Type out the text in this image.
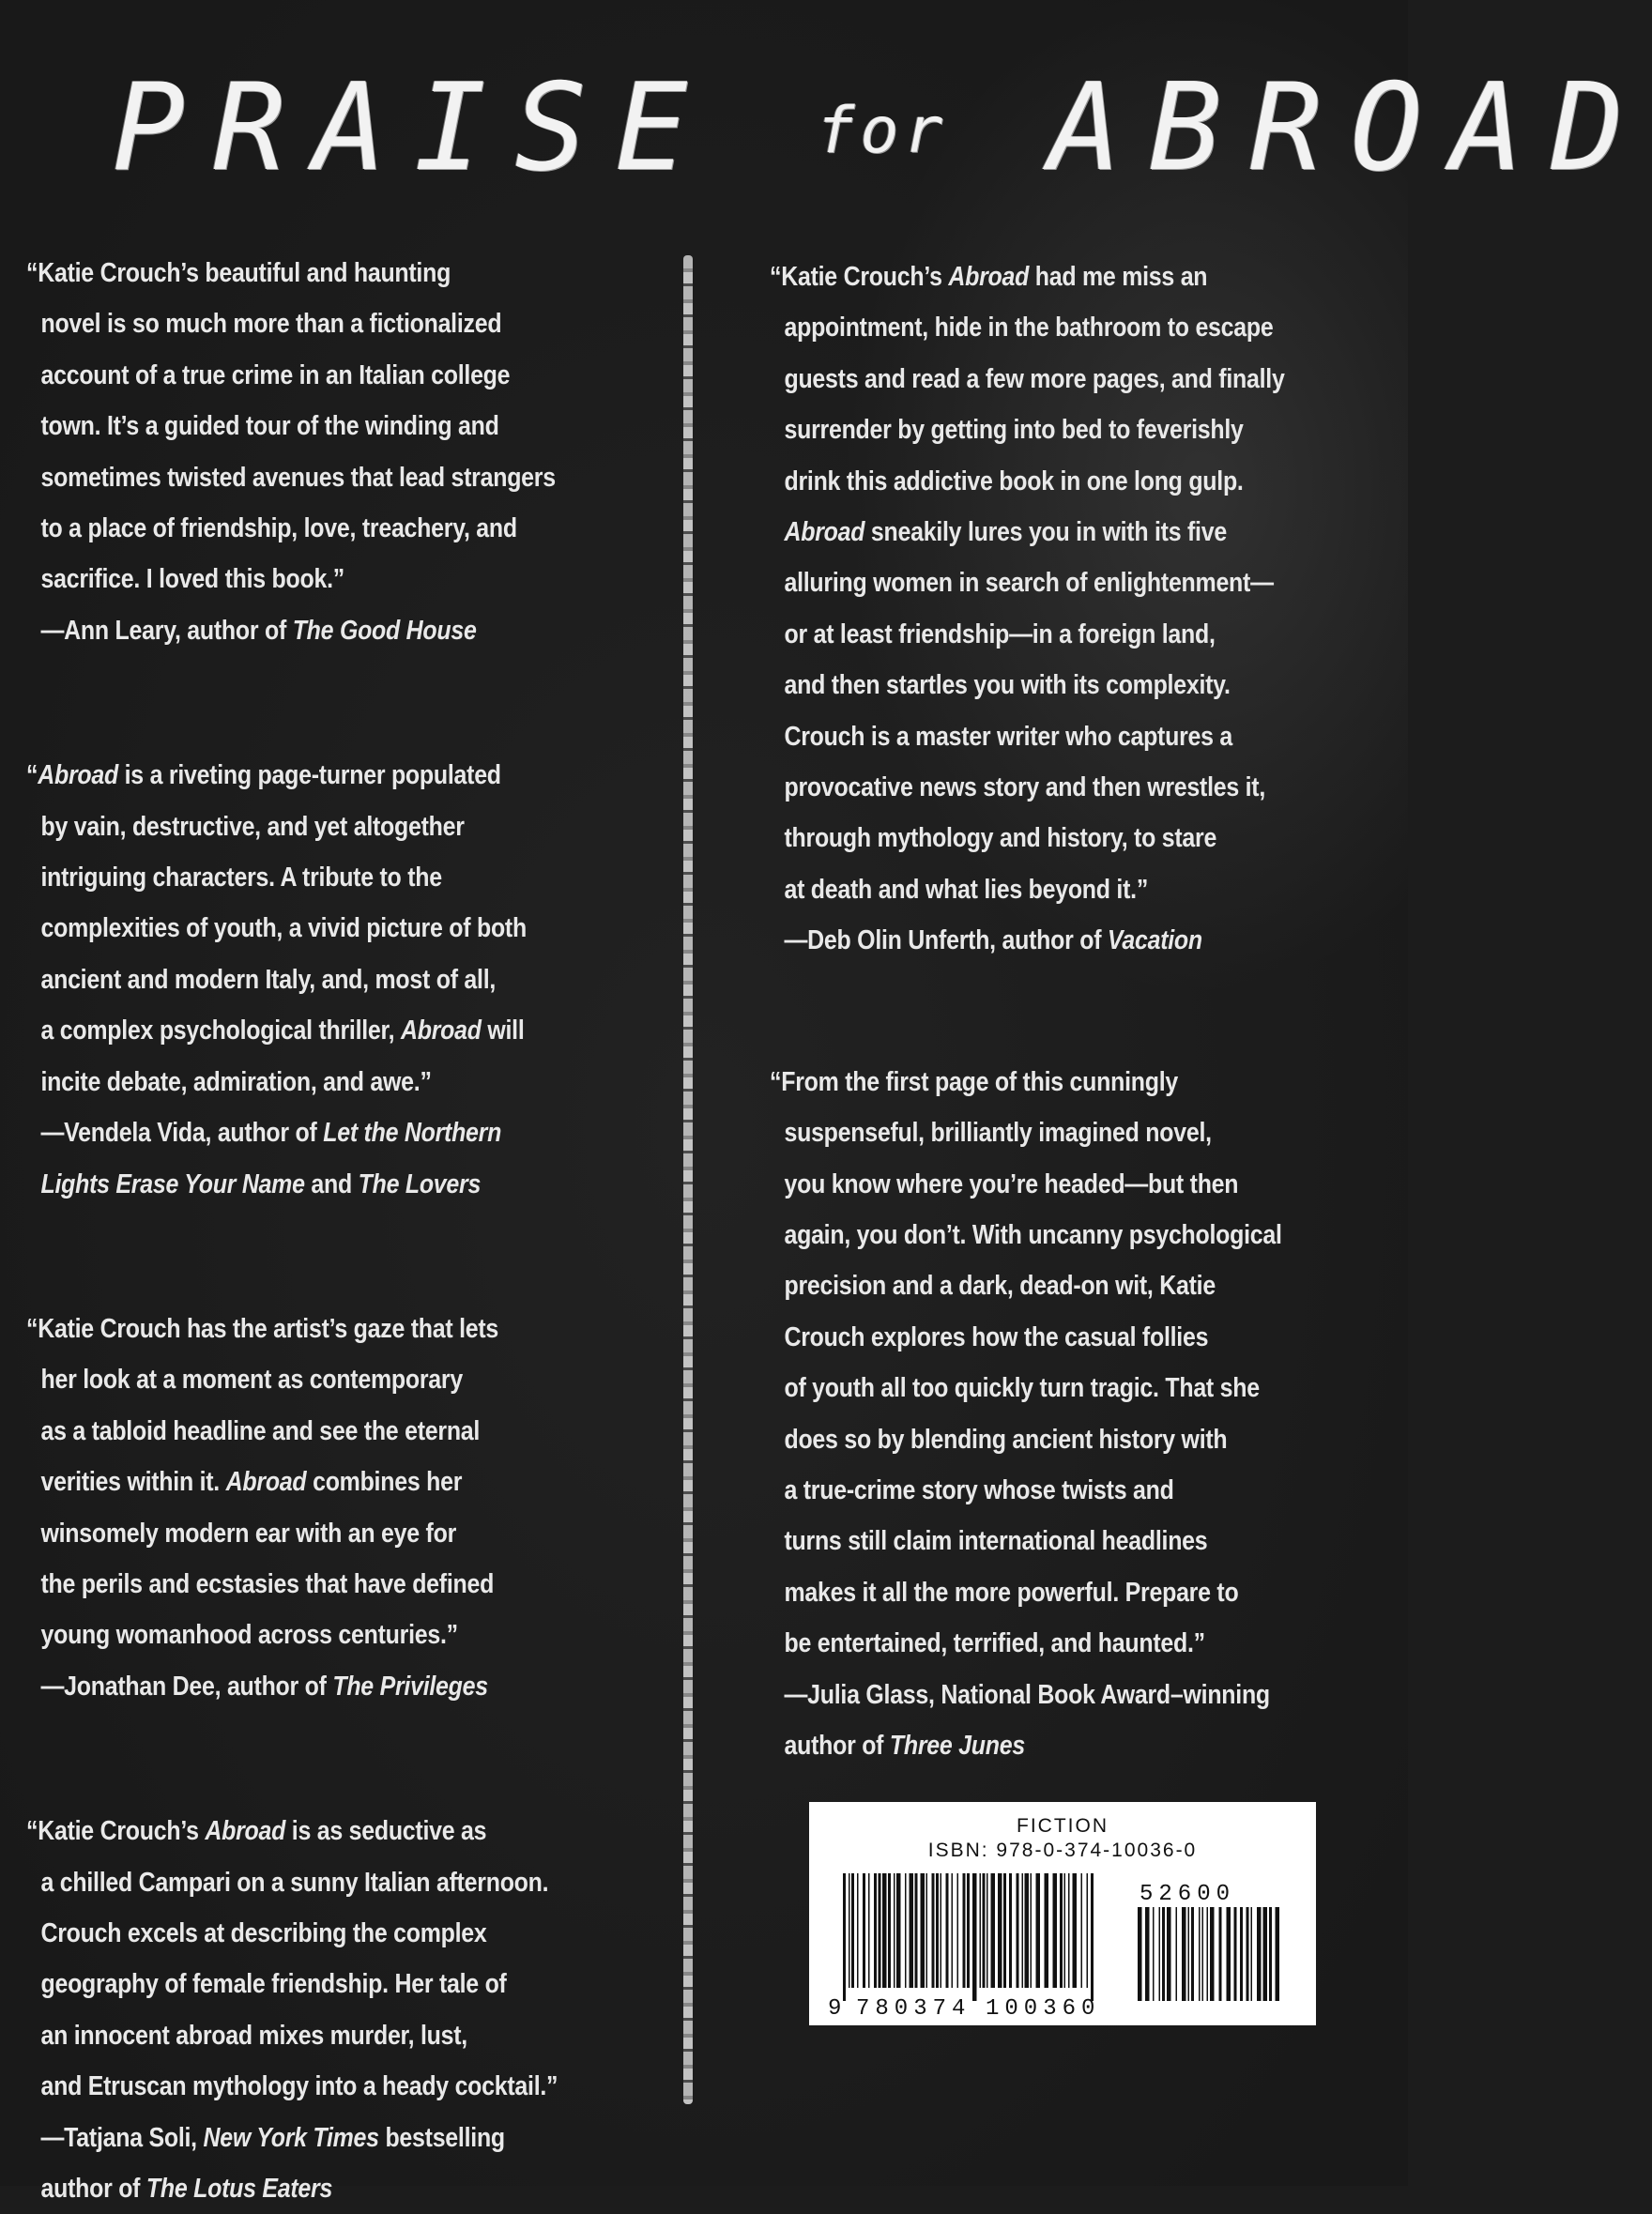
PRAISE for ABROAD
“Katie Crouch’s beautiful and haunting
novel is so much more than a fictionalized
account of a true crime in an Italian college
town. It’s a guided tour of the winding and
sometimes twisted avenues that lead strangers
to a place of friendship, love, treachery, and
sacrifice. I loved this book.”
—Ann Leary, author of The Good House
“Abroad is a riveting page-turner populated
by vain, destructive, and yet altogether
intriguing characters. A tribute to the
complexities of youth, a vivid picture of both
ancient and modern Italy, and, most of all,
a complex psychological thriller, Abroad will
incite debate, admiration, and awe.”
—Vendela Vida, author of Let the Northern
Lights Erase Your Name and The Lovers
“Katie Crouch has the artist’s gaze that lets
her look at a moment as contemporary
as a tabloid headline and see the eternal
verities within it. Abroad combines her
winsomely modern ear with an eye for
the perils and ecstasies that have defined
young womanhood across centuries.”
—Jonathan Dee, author of The Privileges
“Katie Crouch’s Abroad is as seductive as
a chilled Campari on a sunny Italian afternoon.
Crouch excels at describing the complex
geography of female friendship. Her tale of
an innocent abroad mixes murder, lust,
and Etruscan mythology into a heady cocktail.”
—Tatjana Soli, New York Times bestselling
author of The Lotus Eaters
“Katie Crouch’s Abroad had me miss an
appointment, hide in the bathroom to escape
guests and read a few more pages, and finally
surrender by getting into bed to feverishly
drink this addictive book in one long gulp.
Abroad sneakily lures you in with its five
alluring women in search of enlightenment—
or at least friendship—in a foreign land,
and then startles you with its complexity.
Crouch is a master writer who captures a
provocative news story and then wrestles it,
through mythology and history, to stare
at death and what lies beyond it.”
—Deb Olin Unferth, author of Vacation
“From the first page of this cunningly
suspenseful, brilliantly imagined novel,
you know where you’re headed—but then
again, you don’t. With uncanny psychological
precision and a dark, dead-on wit, Katie
Crouch explores how the casual follies
of youth all too quickly turn tragic. That she
does so by blending ancient history with
a true-crime story whose twists and
turns still claim international headlines
makes it all the more powerful. Prepare to
be entertained, terrified, and haunted.”
—Julia Glass, National Book Award–winning
author of Three Junes
FICTION
ISBN: 978-0-374-10036-0
52600
9 780374 100360
